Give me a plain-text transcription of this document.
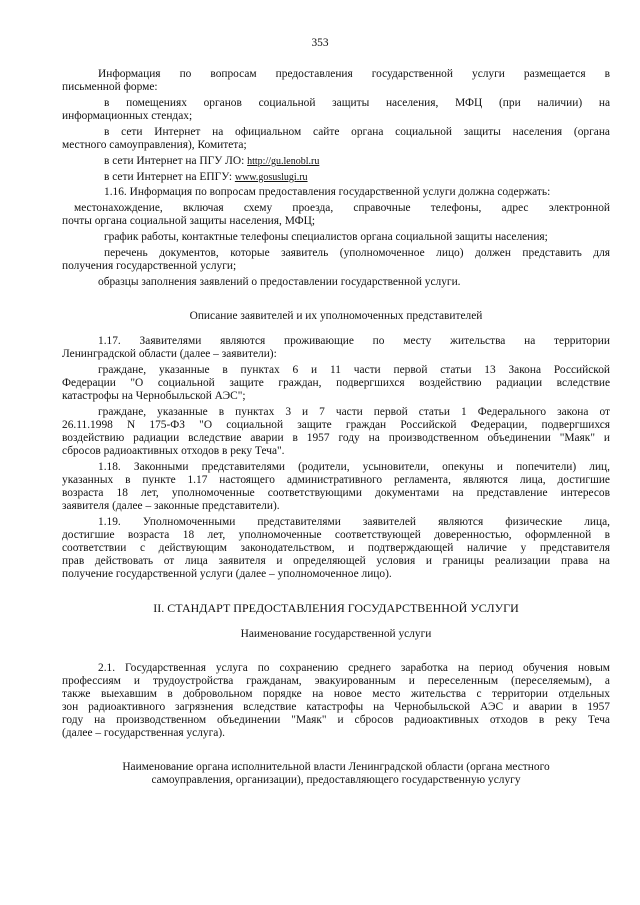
353
Информация по вопросам предоставления государственной услуги размещается в
письменной форме:
в помещениях органов социальной защиты населения, МФЦ (при наличии) на
информационных стендах;
в сети Интернет на официальном сайте органа социальной защиты населения (органа
местного самоуправления), Комитета;
в сети Интернет на ПГУ ЛО: http://gu.lenobl.ru
в сети Интернет на ЕПГУ: www.gosuslugi.ru
1.16. Информация по вопросам предоставления государственной услуги должна содержать:
местонахождение, включая схему проезда, справочные телефоны, адрес электронной
почты органа социальной защиты населения, МФЦ;
график работы, контактные телефоны специалистов органа социальной защиты населения;
перечень документов, которые заявитель (уполномоченное лицо) должен представить для
получения государственной услуги;
образцы заполнения заявлений о предоставлении государственной услуги.
Описание заявителей и их уполномоченных представителей
1.17. Заявителями являются проживающие по месту жительства на территории
Ленинградской области (далее – заявители):
граждане, указанные в пунктах 6 и 11 части первой статьи 13 Закона Российской
Федерации "О социальной защите граждан, подвергшихся воздействию радиации вследствие
катастрофы на Чернобыльской АЭС";
граждане, указанные в пунктах 3 и 7 части первой статьи 1 Федерального закона от
26.11.1998 N 175-ФЗ "О социальной защите граждан Российской Федерации, подвергшихся
воздействию радиации вследствие аварии в 1957 году на производственном объединении "Маяк" и
сбросов радиоактивных отходов в реку Теча".
1.18. Законными представителями (родители, усыновители, опекуны и попечители) лиц,
указанных в пункте 1.17 настоящего административного регламента, являются лица, достигшие
возраста 18 лет, уполномоченные соответствующими документами на представление интересов
заявителя (далее – законные представители).
1.19. Уполномоченными представителями заявителей являются физические лица,
достигшие возраста 18 лет, уполномоченные соответствующей доверенностью, оформленной в
соответствии с действующим законодательством, и подтверждающей наличие у представителя
прав действовать от лица заявителя и определяющей условия и границы реализации права на
получение государственной услуги (далее – уполномоченное лицо).
II. СТАНДАРТ ПРЕДОСТАВЛЕНИЯ ГОСУДАРСТВЕННОЙ УСЛУГИ
Наименование государственной услуги
2.1. Государственная услуга по сохранению среднего заработка на период обучения новым
профессиям и трудоустройства гражданам, эвакуированным и переселенным (переселяемым), а
также выехавшим в добровольном порядке на новое место жительства с территории отдельных
зон радиоактивного загрязнения вследствие катастрофы на Чернобыльской АЭС и аварии в 1957
году на производственном объединении "Маяк" и сбросов радиоактивных отходов в реку Теча
(далее – государственная услуга).
Наименование органа исполнительной власти Ленинградской области (органа местного
самоуправления, организации), предоставляющего государственную услугу
